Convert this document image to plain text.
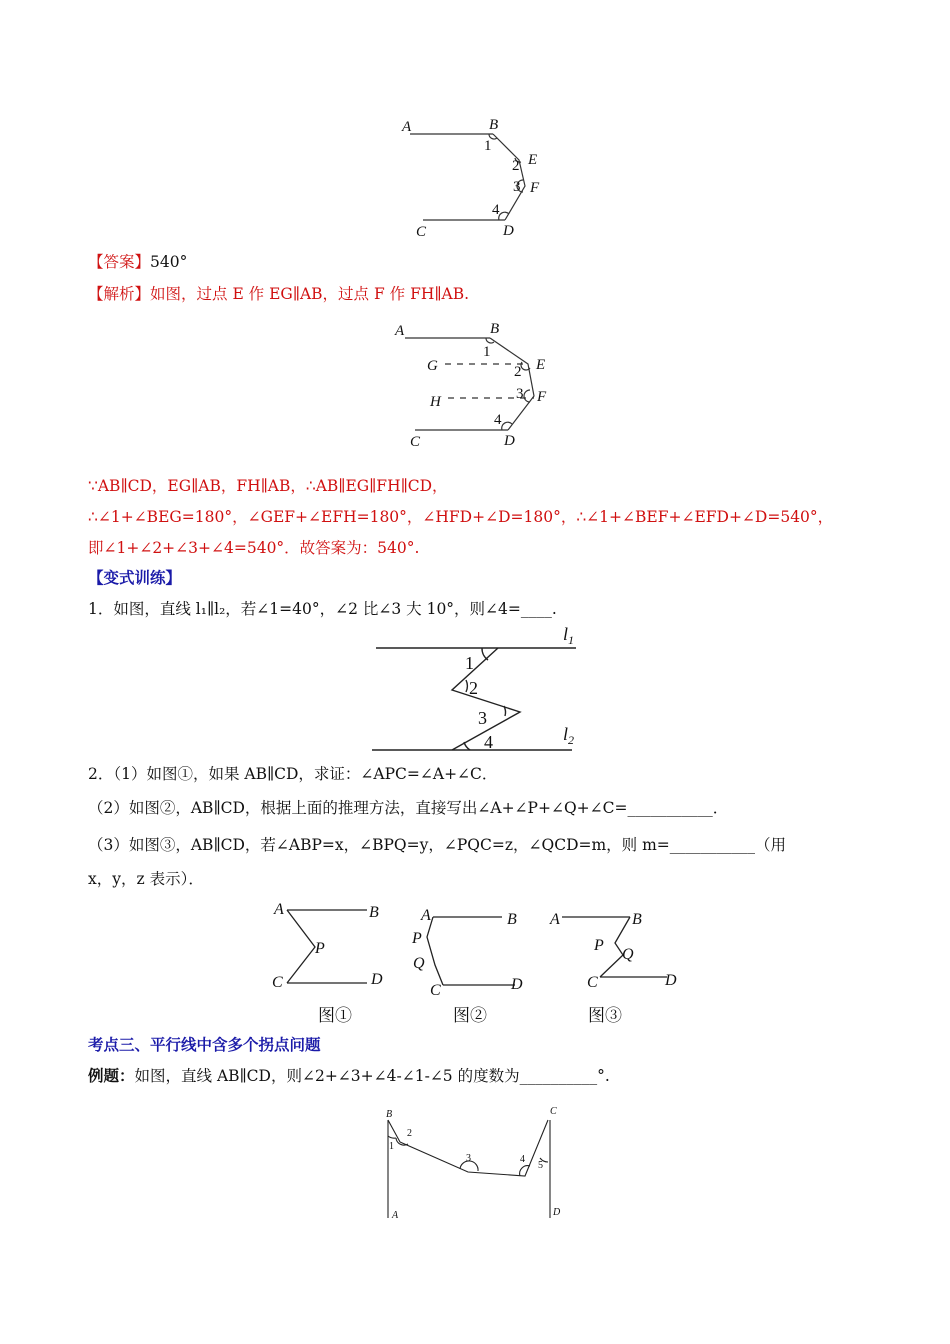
A	B
1
2 E
3 F
4
C	D
【答案】540°
【解析】如图，过点 E 作 EG∥AB，过点 F 作 FH∥AB.
A	B
1
G	2 E
3 F
H
4
C	D
∵AB∥CD，EG∥AB，FH∥AB，∴AB∥EG∥FH∥CD，
∴∠1+∠BEG=180°，∠GEF+∠EFH=180°，∠HFD+∠D=180°，∴∠1+∠BEF+∠EFD+∠D=540°，
即∠1+∠2+∠3+∠4=540°．故答案为：540°.
【变式训练】
1．如图，直线 l₁∥l₂，若∠1=40°，∠2 比∠3 大 10°，则∠4=____.
$l_1$
1
2
3
$l_2$
4
2．（1）如图①，如果 AB∥CD，求证：∠APC=∠A+∠C．
（2）如图②，AB∥CD，根据上面的推理方法，直接写出∠A+∠P+∠Q+∠C=___________．
（3）如图③，AB∥CD，若∠ABP=x，∠BPQ=y，∠PQC=z，∠QCD=m，则 m=___________（用
x，y，z 表示）．
A	B
P
C	D
A	B
P
Q
C	D
A	B
P
Q
C	D
图①	图②	图③
考点三、平行线中含多个拐点问题
例题：如图，直线 AB∥CD，则∠2+∠3+∠4-∠1-∠5 的度数为__________°.
B
2
1
3	4
5
C
A	D
